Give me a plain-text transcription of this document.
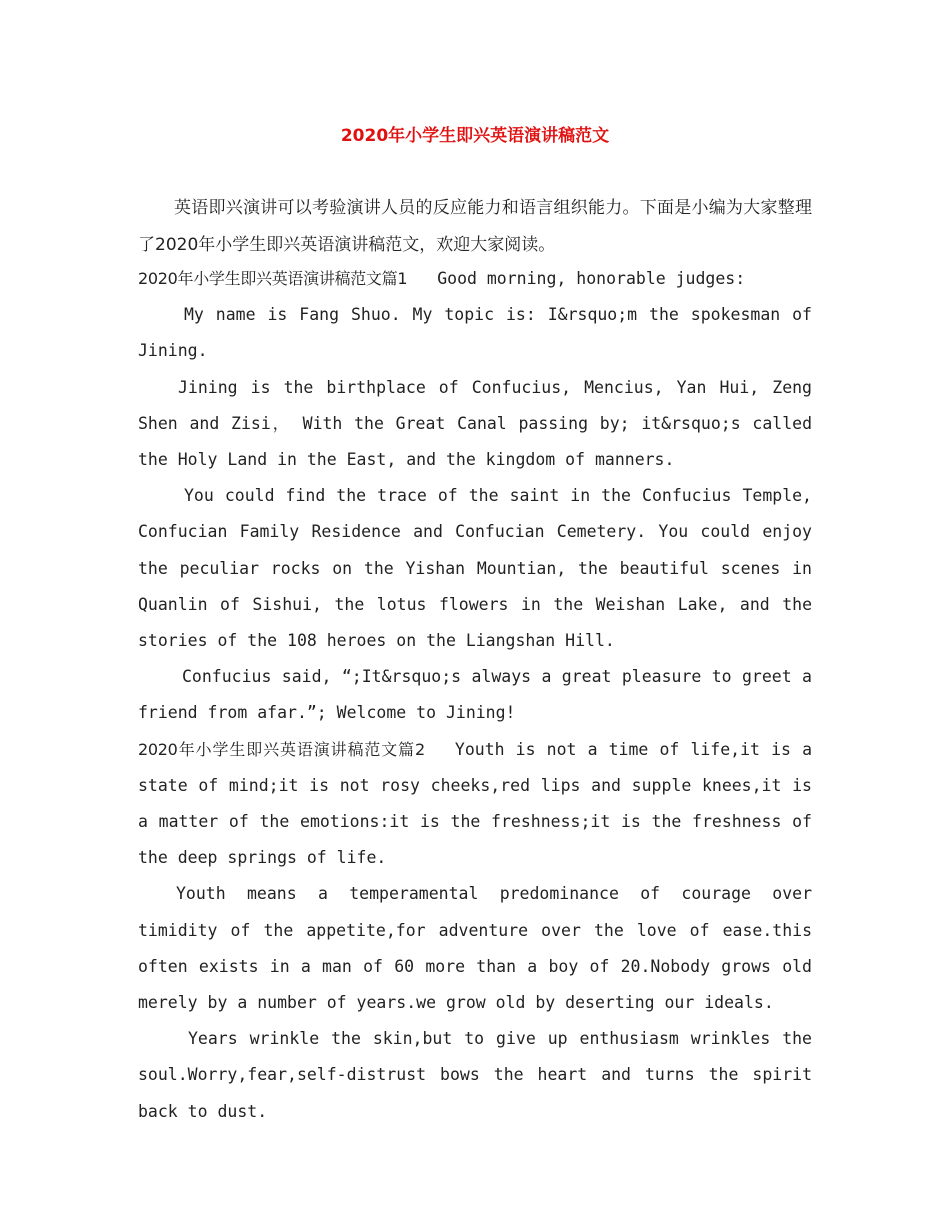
2020年小学生即兴英语演讲稿范文

英语即兴演讲可以考验演讲人员的反应能力和语言组织能力。下面是小编为大家整理了2020年小学生即兴英语演讲稿范文，欢迎大家阅读。

2020年小学生即兴英语演讲稿范文篇1 Good morning, honorable judges:

My name is Fang Shuo. My topic is: I&rsquo;m the spokesman of Jining.

Jining is the birthplace of Confucius, Mencius, Yan Hui, Zeng Shen and Zisi， With the Great Canal passing by; it&rsquo;s called the Holy Land in the East, and the kingdom of manners.

You could find the trace of the saint in the Confucius Temple, Confucian Family Residence and Confucian Cemetery. You could enjoy the peculiar rocks on the Yishan Mountian, the beautiful scenes in Quanlin of Sishui, the lotus flowers in the Weishan Lake, and the stories of the 108 heroes on the Liangshan Hill.

Confucius said, “;It&rsquo;s always a great pleasure to greet a friend from afar.”; Welcome to Jining!

2020年小学生即兴英语演讲稿范文篇2 Youth is not a time of life,it is a state of mind;it is not rosy cheeks,red lips and supple knees,it is a matter of the emotions:it is the freshness;it is the freshness of the deep springs of life.

Youth means a temperamental predominance of courage over timidity of the appetite,for adventure over the love of ease.this often exists in a man of 60 more than a boy of 20.Nobody grows old merely by a number of years.we grow old by deserting our ideals.

Years wrinkle the skin,but to give up enthusiasm wrinkles the soul.Worry,fear,self-distrust bows the heart and turns the spirit back to dust.
